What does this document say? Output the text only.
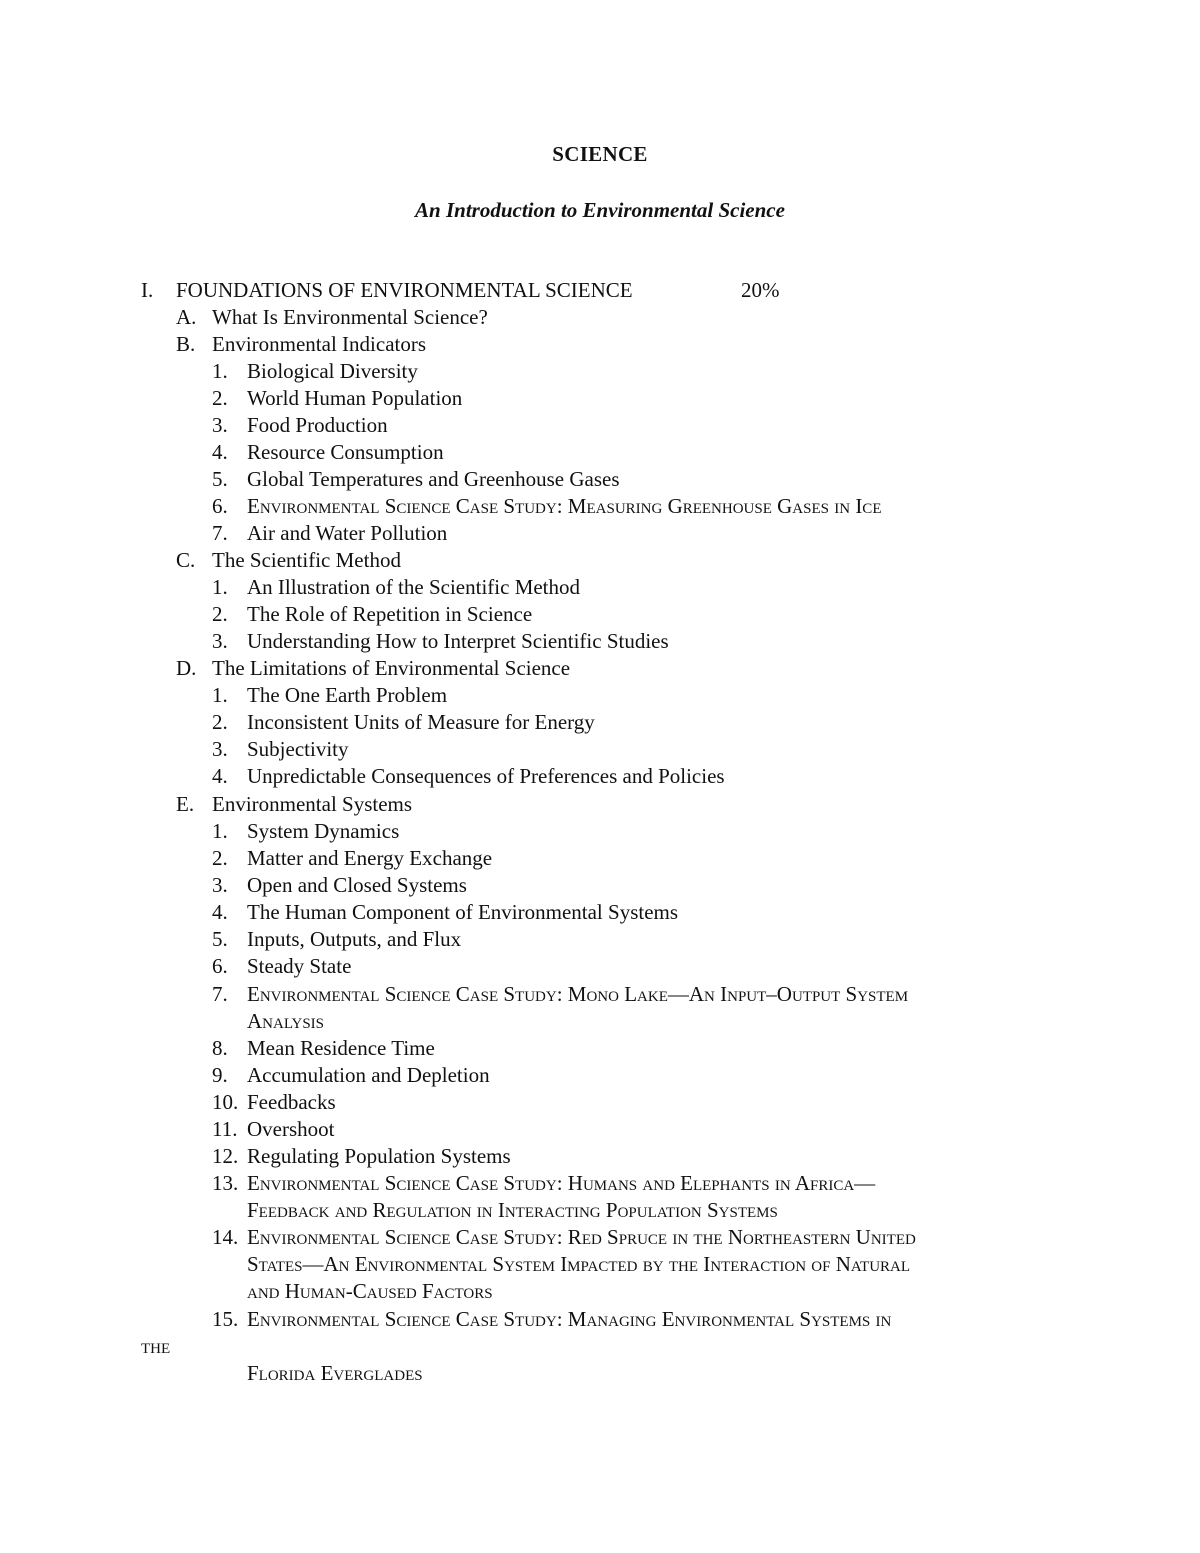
SCIENCE
An Introduction to Environmental Science
I. FOUNDATIONS OF ENVIRONMENTAL SCIENCE	20%
A. What Is Environmental Science?
B. Environmental Indicators
1. Biological Diversity
2. World Human Population
3. Food Production
4. Resource Consumption
5. Global Temperatures and Greenhouse Gases
6. Environmental Science Case Study: Measuring Greenhouse Gases in Ice
7. Air and Water Pollution
C. The Scientific Method
1. An Illustration of the Scientific Method
2. The Role of Repetition in Science
3. Understanding How to Interpret Scientific Studies
D. The Limitations of Environmental Science
1. The One Earth Problem
2. Inconsistent Units of Measure for Energy
3. Subjectivity
4. Unpredictable Consequences of Preferences and Policies
E. Environmental Systems
1. System Dynamics
2. Matter and Energy Exchange
3. Open and Closed Systems
4. The Human Component of Environmental Systems
5. Inputs, Outputs, and Flux
6. Steady State
7. Environmental Science Case Study: Mono Lake—An Input–Output System
Analysis
8. Mean Residence Time
9. Accumulation and Depletion
10. Feedbacks
11. Overshoot
12. Regulating Population Systems
13. Environmental Science Case Study: Humans and Elephants in Africa—
Feedback and Regulation in Interacting Population Systems
14. Environmental Science Case Study: Red Spruce in the Northeastern United
States—An Environmental System Impacted by the Interaction of Natural
and Human-Caused Factors
15. Environmental Science Case Study: Managing Environmental Systems in
the
Florida Everglades
